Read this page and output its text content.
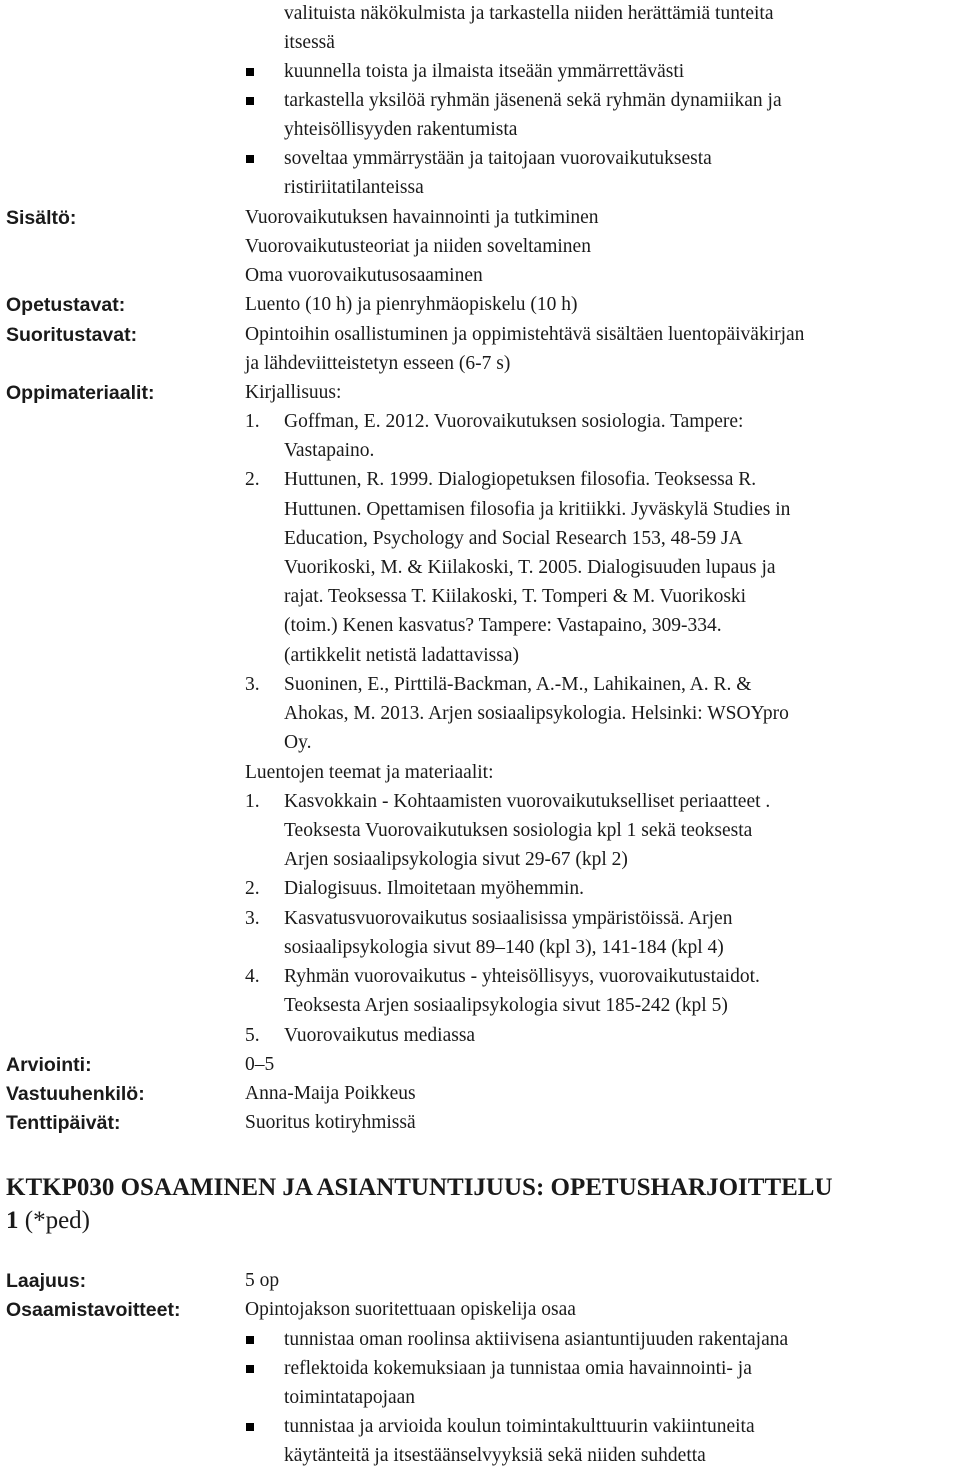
valituista näkökulmista ja tarkastella niiden herättämiä tunteita
itsessä
kuunnella toista ja ilmaista itseään ymmärrettävästi
tarkastella yksilöä ryhmän jäsenenä sekä ryhmän dynamiikan ja
yhteisöllisyyden rakentumista
soveltaa ymmärrystään ja taitojaan vuorovaikutuksesta
ristiriitatilanteissa
Sisältö:	Vuorovaikutuksen havainnointi ja tutkiminen
Vuorovaikutusteoriat ja niiden soveltaminen
Oma vuorovaikutusosaaminen
Opetustavat:	Luento (10 h) ja pienryhmäopiskelu (10 h)
Suoritustavat:	Opintoihin osallistuminen ja oppimistehtävä sisältäen luentopäiväkirjan
ja lähdeviitteistetyn esseen (6-7 s)
Oppimateriaalit:	Kirjallisuus:
1. Goffman, E. 2012. Vuorovaikutuksen sosiologia. Tampere:
Vastapaino.
2. Huttunen, R. 1999. Dialogiopetuksen filosofia. Teoksessa R.
Huttunen. Opettamisen filosofia ja kritiikki. Jyväskylä Studies in
Education, Psychology and Social Research 153, 48-59 JA
Vuorikoski, M. & Kiilakoski, T. 2005. Dialogisuuden lupaus ja
rajat. Teoksessa T. Kiilakoski, T. Tomperi & M. Vuorikoski
(toim.) Kenen kasvatus? Tampere: Vastapaino, 309-334.
(artikkelit netistä ladattavissa)
3. Suoninen, E., Pirttilä-Backman, A.-M., Lahikainen, A. R. &
Ahokas, M. 2013. Arjen sosiaalipsykologia. Helsinki: WSOYpro
Oy.
Luentojen teemat ja materiaalit:
1. Kasvokkain - Kohtaamisten vuorovaikutukselliset periaatteet .
Teoksesta Vuorovaikutuksen sosiologia kpl 1 sekä teoksesta
Arjen sosiaalipsykologia sivut 29-67 (kpl 2)
2. Dialogisuus. Ilmoitetaan myöhemmin.
3. Kasvatusvuorovaikutus sosiaalisissa ympäristöissä. Arjen
sosiaalipsykologia sivut 89–140 (kpl 3), 141-184 (kpl 4)
4. Ryhmän vuorovaikutus - yhteisöllisyys, vuorovaikutustaidot.
Teoksesta Arjen sosiaalipsykologia sivut 185-242 (kpl 5)
5. Vuorovaikutus mediassa
Arviointi:	0–5
Vastuuhenkilö:	Anna-Maija Poikkeus
Tenttipäivät:	Suoritus kotiryhmissä
KTKP030 OSAAMINEN JA ASIANTUNTIJUUS: OPETUSHARJOITTELU
1 (*ped)
Laajuus:	5 op
Osaamistavoitteet:	Opintojakson suoritettuaan opiskelija osaa
tunnistaa oman roolinsa aktiivisena asiantuntijuuden rakentajana
reflektoida kokemuksiaan ja tunnistaa omia havainnointi- ja
toimintatapojaan
tunnistaa ja arvioida koulun toimintakulttuurin vakiintuneita
käytänteitä ja itsestäänselvyyksiä sekä niiden suhdetta
